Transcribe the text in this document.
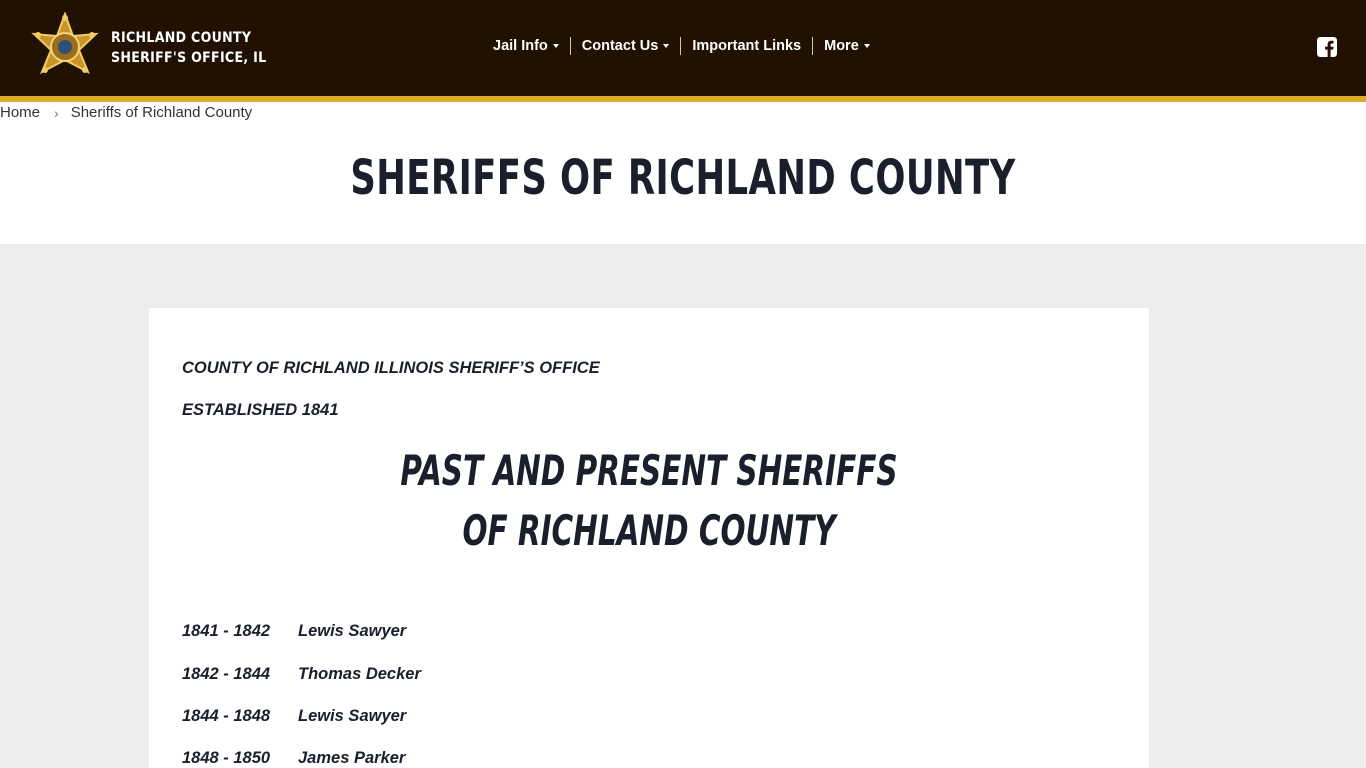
RICHLAND COUNTY
SHERIFF'S OFFICE, IL
Jail Info Contact Us Important Links More
Home › Sheriffs of Richland County
SHERIFFS OF RICHLAND COUNTY
COUNTY OF RICHLAND ILLINOIS SHERIFF’S OFFICE
ESTABLISHED 1841
PAST AND PRESENT SHERIFFS
OF RICHLAND COUNTY
1841 - 1842	Lewis Sawyer
1842 - 1844	Thomas Decker
1844 - 1848	Lewis Sawyer
1848 - 1850	James Parker
